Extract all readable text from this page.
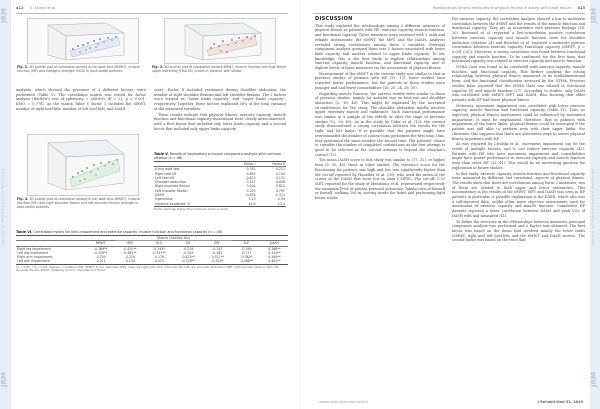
JRM
Journal of Rehabilitation Medicine
JRM
412 G. Chatzi et al.
Fig. 2. 3D scatter plot of correlation among 6-min walk test (6MWT), muscle function (MF) and handgrip strength (HGS) in post-stroke patients.
Fig. 3. 3D scatter plot of correlation among 6MWT, muscle function and Fugl-Meyer upper extremity (FMA-UE) scores in patients with stroke.

analyses, which showed the presence of 2 different factors, were performed (Table V). The correlation matrix was tested for factor analysis (Bartlett's test of sphericity = 368.699, df = 21, p = 0.001; KMO = 0.778). As the matrix Table V factor 1 included the 6MWT, number of right heel-lifts, number of left heel-lifts, and DASH

score. Factor II included resistance during shoulder abduction, the number of right shoulder flexions and left shoulder flexions. The 2 factors were termed as "lower limbs capacity" and "upper limbs capacity", respectively. Together, these factors explained 58% of the total variance of the measured variables.

These results indicate that physical fitness, exercise capacity, muscle function and functional capacity assessment were closely interconnected, with a first factor that included only lower limbs capacity and a second factor that included only upper limbs capacity.

Fig. 4. 3D scatter plot of correlation among 6-min walk test (6MWT), muscle function (MF) and right shoulder flexion and left shoulder flexion strength in post-stroke patients.
Table V. Results of exploratory principal component analysis with varimax rotation (n = 48)
	Factor I	Factor II
6-min walk test	0.761	0.212
Right heel-lift	0.855	0.194
Left heel-lift	0.823	0.131
Shoulder abduction	0.321	0.658
Right shoulder flexion	0.204	0.812
Left shoulder flexion	0.229	0.797
DASH	-0.634	-0.311
Eigenvalue	3.13	0.94
Variance explained, %	44.6	13.4
Factor loadings higher than 0.60 are shown in bold.
Table VI. Correlation matrix for limb impairment and exercise capacity, muscle function and functional capacity (n = 48)
		Muscle Function test					
	6MWT	HRS	HLS	SA	SRF	SLF	DASH
Right leg impairment	-0.389**	-0.420**	-0.344*	-0.219	-0.154	-0.199	0.388**
Left leg impairment	-0.429**	-0.482**	-0.397**	-0.244	-0.183	-0.177	0.419**
Right arm impairment	-0.250	-0.210	-0.176	-0.425**	-0.511**	-0.362*	0.446**
Left arm impairment	-0.211	-0.134	-0.223	-0.378**	-0.329*	-0.488**	0.401**
*p < 0.05; **p < 0.01. Pearson correlation test. 6MWT: 6-min walk test; HRS: heel-rise right side; HLS: heel-rise left side; SA: shoulder abduction; SRF: right shoulder flexion; SLF: left shoulder flexion; DASH: Disability of Arm, Shoulder and Hand.
JRM
Journal of Rehabilitation Medicine
JRM
Relationships among measures of physical fitness in adults with heart failure 413
DISCUSSION

This study explored the relationships among 3 different measures of physical fitness in patients with HF: exercise capacity, muscle function, and functional capacity. These measures were assessed with 3 valid and reliable instruments: the 6MWT, the MFT, and the DASH. Analyses revealed strong correlations among these 3 variables. Principal component analysis grouped them into 2 factors associated with lower limb capacity and another related to upper limbs capacity. To our knowledge, this is the first study to explore relationships among exercise capacity, muscle function, and functional capacity, and to explore levels of these measures via the assessment of physical fitness.

Measurement of the 6MWT in the current study was similar to that in previous studies of patients with HF (15, 17). Some studies have reported better performance, but the patients in those studies were younger and had fewer comorbidities (16, 20, 24, 26, 30).

Regarding muscle function, the current results were similar to those of previous studies, mainly for anterior rise on heel-rise and shoulder abduction (2, 16, 40). This might be explained by the increased circumference for the study. The shoulder abduction mostly involves upper extremity muscle and endurance. Such functional performance was similar in a sample of the elderly or after the stage of previous studies (12, 28, 40). As in the study by Cider et al. (12), the current study demonstrated a strong correlation between the results for the right and left limbs. It is possible that the patients might have overestimated the number of contractions performed the first time; thus, they performed the same number the second time. The patients' choice to consider the number of completed contractions as the first attempt is good to be selected as the second attempt is beyond the clinician's control (12).

The mean DASH score in this study was similar to (17, 32), or higher than (9, 30, 40), those in other studies. The reference score for the functioning for patients was high and low was significantly higher than the cut-off reported by Hunziker et al. (30), who used the mean of the scores of the DASH that were low in class I MFDL. The cut-off, 0.93 MET, reported for the study of Mendonca et al. represented respectively the minimum level of patient personal autonomy. Taking care of himself or herself, walking 100 m, moving inside the home and performing light house-works.

For exercise capacity, the correlation analysis showed a low to moderate correlation between the 6MWT and the results of the muscle function and functional capacity. They are in accordance with previous findings (14, 20). Bertrand et al. reported a low-to-moderate positive correlation between exercise capacity and muscle function tests for shoulder abduction (relation 24) and Bouchez et al. reported a moderate positive correlation between exercise capacity, functional capacity (6MWT, p = 0.001 (20)). Moreover, a strong correlation was found between functional capacity and muscle function. To be confirmed, for the first time, that functional capacity was related to exercise capacity and muscle function.

NYHA class was found to be correlated with exercise capacity, muscle function, and functional capacity. This further confirms the strong relationship between physical fitness measured in its multidimensional form, and the functional classification assessed by the NYHA. Previous studies have reported that the NYHA class was related to functional capacity (9) and muscle function (27). According to studies, only DASH was correlated with 6MWT. MFT and DASH, thus showing that older patients with HF had lower physical fitness.

Moreover, movement impairment was correlated with lower exercise capacity, muscle function and functional capacity (Table VI). Thus, as expected, physical fitness assessment could be influenced by movement impairment. It must be emphasized, therefore, that in patients with impairment of the lower limbs, physical fitness could be measured if the patient was still able to perform tests with their upper limbs. For clinicians, this suggests that there are alternative ways to assess physical fitness in patients with HF.

As was reported by Cwalski et al., movement impairment can be the result of multiple factors, and it can reduce exercise capacity (42). Patients with HF who have movement impairment and comorbidities might have poorer performance in exercise capacity and muscle function tests than other HF (35, 41). This would be an interesting question for exploration in future studies.

In this study, exercise capacity, muscle function and functional capacity were measured by different, but correlated, aspects of physical fitness. The results show that there are correlations among these 3 measures; two of them are related to both upper and lower extremities. This inconsistency in the results of the 6MWT, MFT and DASH was seen in HF patients in particular. A possible explanation is the DASH, which also was a self-reported data, unlike other more objective instruments used for assessment of exercise capacity and muscle function. Cumulative HF patients reported a lower correlation between DASH and peak VO2 of DASH with and measured (41).

To define the structure in the relationships between measures, principal component analysis was performed and a Factor was obtained. The first factor was based on the items that involved mainly the lower limbs (6MWT, right and left heel-lifts and the 6MWT and DASH scores). The second factor was based on the tests that

www.medicaljournals.se/jrm	J Rehabil Med 51, 2019
